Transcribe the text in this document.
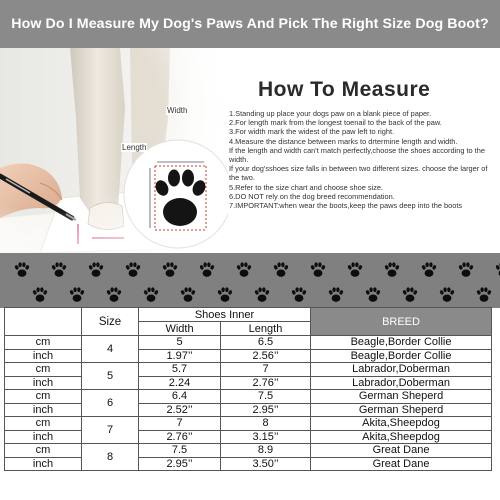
How Do I Measure My Dog's Paws And Pick The Right Size Dog Boot?
Width
Length
How To Measure
1.Standing up place your dogs paw on a blank piece of paper.
2.For length mark from the longest toenail to the back of the paw.
3.For width mark the widest of the paw left to right.
4.Measure the distance between marks to drtermine length and width.
If the length and width can't match perfectly,choose the shoes according to the width.
If your dog'sshoes size falls in between two different sizes. choose the larger of the two.
5.Refer to the size chart and choose shoe size.
6.DO NOT rely on the dog breed recommendation.
7.IMPORTANT:when wear the boots,keep the paws deep into the boots
	Size	Shoes Inner		BREED
		Width	Length	
cm	4	5	6.5	Beagle,Border Collie
inch		1.97’’	2.56’’	Beagle,Border Collie
cm	5	5.7	7	Labrador,Doberman
inch		2.24	2.76’’	Labrador,Doberman
cm	6	6.4	7.5	German Sheperd
inch		2.52’’	2.95’’	German Sheperd
cm	7	7	8	Akita,Sheepdog
inch		2.76’’	3.15’’	Akita,Sheepdog
cm	8	7.5	8.9	Great Dane
inch		2.95’’	3.50’’	Great Dane
